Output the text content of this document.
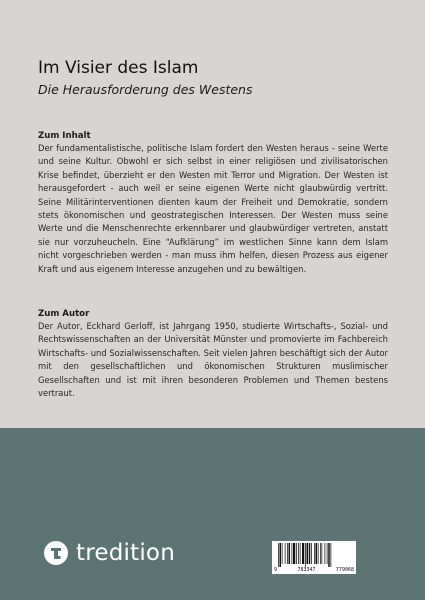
Im Visier des Islam
Die Herausforderung des Westens
Zum Inhalt

Der fundamentalistische, politische Islam fordert den Westen heraus - seine Werte und seine Kultur. Obwohl er sich selbst in einer religiösen und zivilisatorischen Krise befindet, überzieht er den Westen mit Terror und Migration. Der Westen ist herausgefordert - auch weil er seine eigenen Werte nicht glaubwürdig vertritt. Seine Militärinterventionen dienten kaum der Freiheit und Demokratie, sondern stets ökonomischen und geostrategischen Interessen. Der Westen muss seine Werte und die Menschenrechte erkennbarer und glaubwürdiger vertreten, anstatt sie nur vorzuheucheln. Eine “Aufklärung” im westlichen Sinne kann dem Islam nicht vorgeschrieben werden - man muss ihm helfen, diesen Prozess aus eigener Kraft und aus eigenem Interesse anzugehen und zu bewältigen.

Zum Autor

Der Autor, Eckhard Gerloff, ist Jahrgang 1950, studierte Wirtschafts-, Sozial- und Rechtswissenschaften an der Universität Münster und promovierte im Fachbereich Wirtschafts- und Sozialwissenschaften. Seit vielen Jahren beschäftigt sich der Autor mit den gesellschaftlichen und ökonomischen Strukturen muslimischer Gesellschaften und ist mit ihren besonderen Problemen und Themen bestens vertraut.

tredition
9	783347	779068
